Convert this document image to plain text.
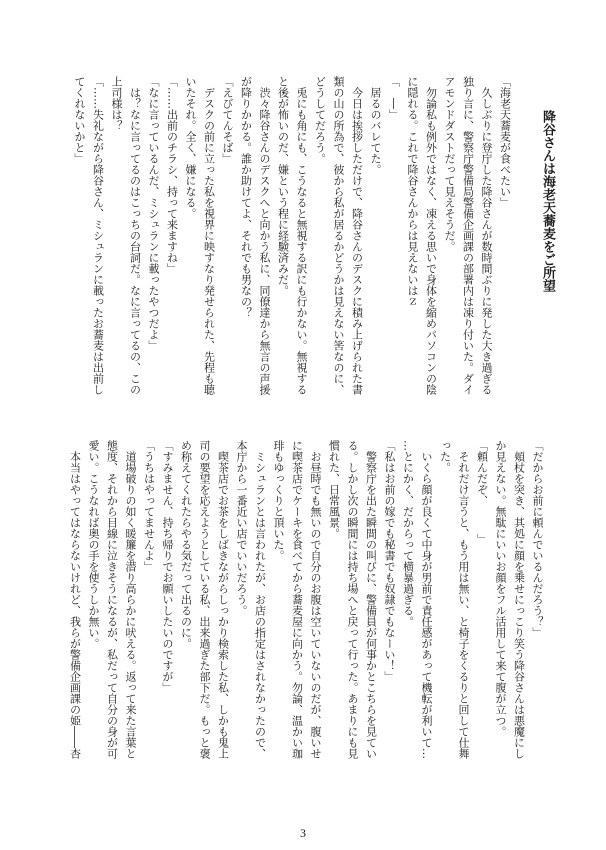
降谷さんは海老天蕎麦をご所望
「海老天蕎麦が食べたい」
　久しぶりに登庁した降谷さんが数時間ぶりに発した大き過ぎる
独り言に、警察庁警備局警備企画課の部署内は凍り付いた。ダイ
アモンドダストだって見えそうだ。
　勿論私も例外ではなく、凍える思いで身体を縮めパソコンの陰
に隠れる。これで降谷さんからは見えないはｚ
「　―」
　居るのバレてた。
　今日は挨拶しただけで、降谷さんのデスクに積み上げられた書
類の山の所為で、彼から私が居るかどうかは見えない筈なのに、
どうしてだろう。
　兎にも角にも、こうなると無視する訳にも行かない。無視する
と後が怖いのだ、嫌という程に経験済みだ。
　渋々降谷さんのデスクへと向かう私に、同僚達から無言の声援
が降りかかる。誰か助けてよ、それでも男なの？
「えびてんそば」
　デスクの前に立った私を視界に映すなり発せられた、先程も聴
いたそれ。全く、嫌になる。
「……出前のチラシ、持って来ますね」
「なに言っているんだ、ミシュランに載ったやつだよ」
　は？なに言ってるのはこっちの台詞だ。なに言ってるの、この
上司様は？
「……失礼ながら降谷さん、ミシュランに載ったお蕎麦は出前し
てくれないかと」
「だからお前に頼んでいるんだろう？」
　頬杖を突き、其処に顔を乗せにっこり笑う降谷さんは悪魔にし
か見えない。無駄にいいお顔をフル活用して来て腹が立つ。
「頼んだぞ、　　　」
　それだけ言うと、もう用は無い、と椅子をくるりと回して仕舞
った。
　いくら顔が良くて中身が男前で責任感があって機転が利いて…
…とにかく、だからって横暴過ぎる。
「私はお前の嫁でも秘書でも奴隷でもなーい！」
　警察庁を出た瞬間の叫びに、警備員が何事かとこちらを見てい
る。しかし次の瞬間には持ち場へと戻って行った。あまりにも見
慣れた、日常風景。
　お昼時でも無いので自分のお腹は空いていないのだが、腹いせ
に喫茶店でケーキを食べてから蕎麦屋に向かう。勿論、温かい珈
琲もゆっくりと頂いた。
　ミシュランとは言われたが、お店の指定はされなかったので、
本庁から一番近い店でいいだろう。
　喫茶店でお茶をしばきながらしっかり検索した私、しかも鬼上
司の要望を応えようとしている私、出来過ぎた部下だ。もっと褒
め称えてくれたらやる気だって出るのに。
「すみません、持ち帰りでお願いしたいのですが」
「うちはやってませんよ」
　道場破りの如く暖簾を潜り高らかに吠える。返って来た言葉と
態度、それから目線に泣きそうになるが、私だって自分の身が可
愛い。こうなれば奥の手を使うしか無い。
　本当はやってはならないけれど、我らが警備企画課の姫――杏
3
